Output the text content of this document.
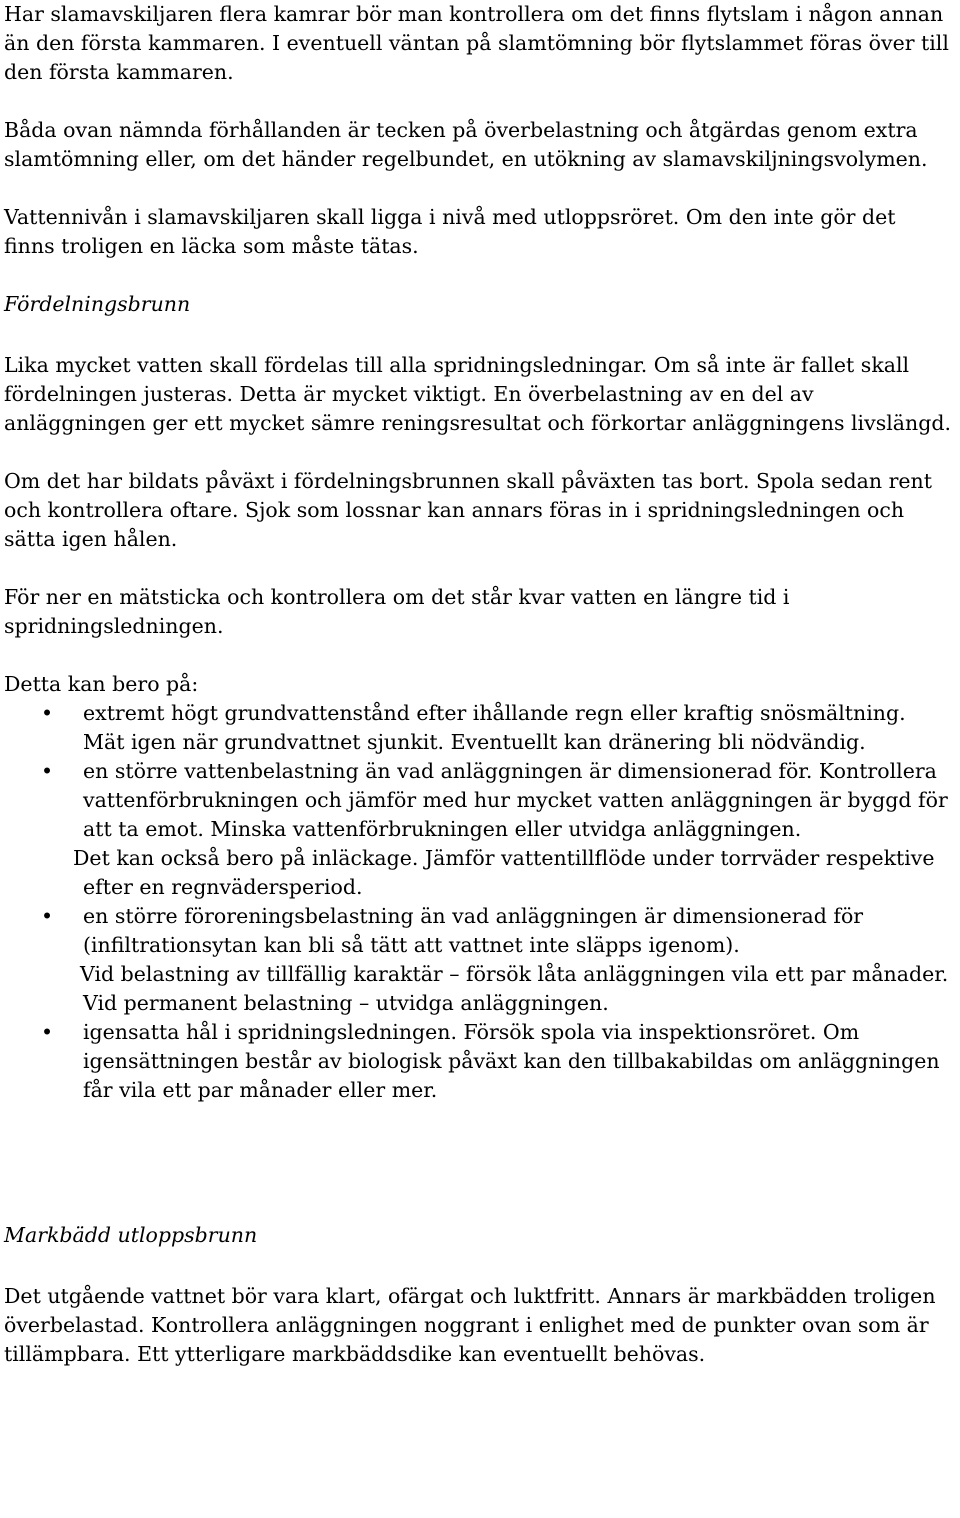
Har slamavskiljaren flera kamrar bör man kontrollera om det finns flytslam i någon annan än den första kammaren. I eventuell väntan på slamtömning bör flytslammet föras över till den första kammaren.

Båda ovan nämnda förhållanden är tecken på överbelastning och åtgärdas genom extra slamtömning eller, om det händer regelbundet, en utökning av slamavskiljningsvolymen.

Vattennivån i slamavskiljaren skall ligga i nivå med utloppsröret. Om den inte gör det finns troligen en läcka som måste tätas.

Fördelningsbrunn

Lika mycket vatten skall fördelas till alla spridningsledningar. Om så inte är fallet skall fördelningen justeras. Detta är mycket viktigt. En överbelastning av en del av anläggningen ger ett mycket sämre reningsresultat och förkortar anläggningens livslängd.

Om det har bildats påväxt i fördelningsbrunnen skall påväxten tas bort. Spola sedan rent och kontrollera oftare. Sjok som lossnar kan annars föras in i spridningsledningen och sätta igen hålen.

För ner en mätsticka och kontrollera om det står kvar vatten en längre tid i spridningsledningen.

Detta kan bero på:

• extremt högt grundvattenstånd efter ihållande regn eller kraftig snösmältning. Mät igen när grundvattnet sjunkit. Eventuellt kan dränering bli nödvändig.
• en större vattenbelastning än vad anläggningen är dimensionerad för. Kontrollera vattenförbrukningen och jämför med hur mycket vatten anläggningen är byggd för att ta emot. Minska vattenförbrukningen eller utvidga anläggningen.

Det kan också bero på inläckage. Jämför vattentillflöde under torrväder respektive efter en regnvädersperiod.

• en större föroreningsbelastning än vad anläggningen är dimensionerad för (infiltrationsytan kan bli så tätt att vattnet inte släpps igenom).

Vid belastning av tillfällig karaktär – försök låta anläggningen vila ett par månader. Vid permanent belastning – utvidga anläggningen.

• igensatta hål i spridningsledningen. Försök spola via inspektionsröret. Om igensättningen består av biologisk påväxt kan den tillbakabildas om anläggningen får vila ett par månader eller mer.

Markbädd utloppsbrunn

Det utgående vattnet bör vara klart, ofärgat och luktfritt. Annars är markbädden troligen överbelastad. Kontrollera anläggningen noggrant i enlighet med de punkter ovan som är tillämpbara. Ett ytterligare markbäddsdike kan eventuellt behövas.
